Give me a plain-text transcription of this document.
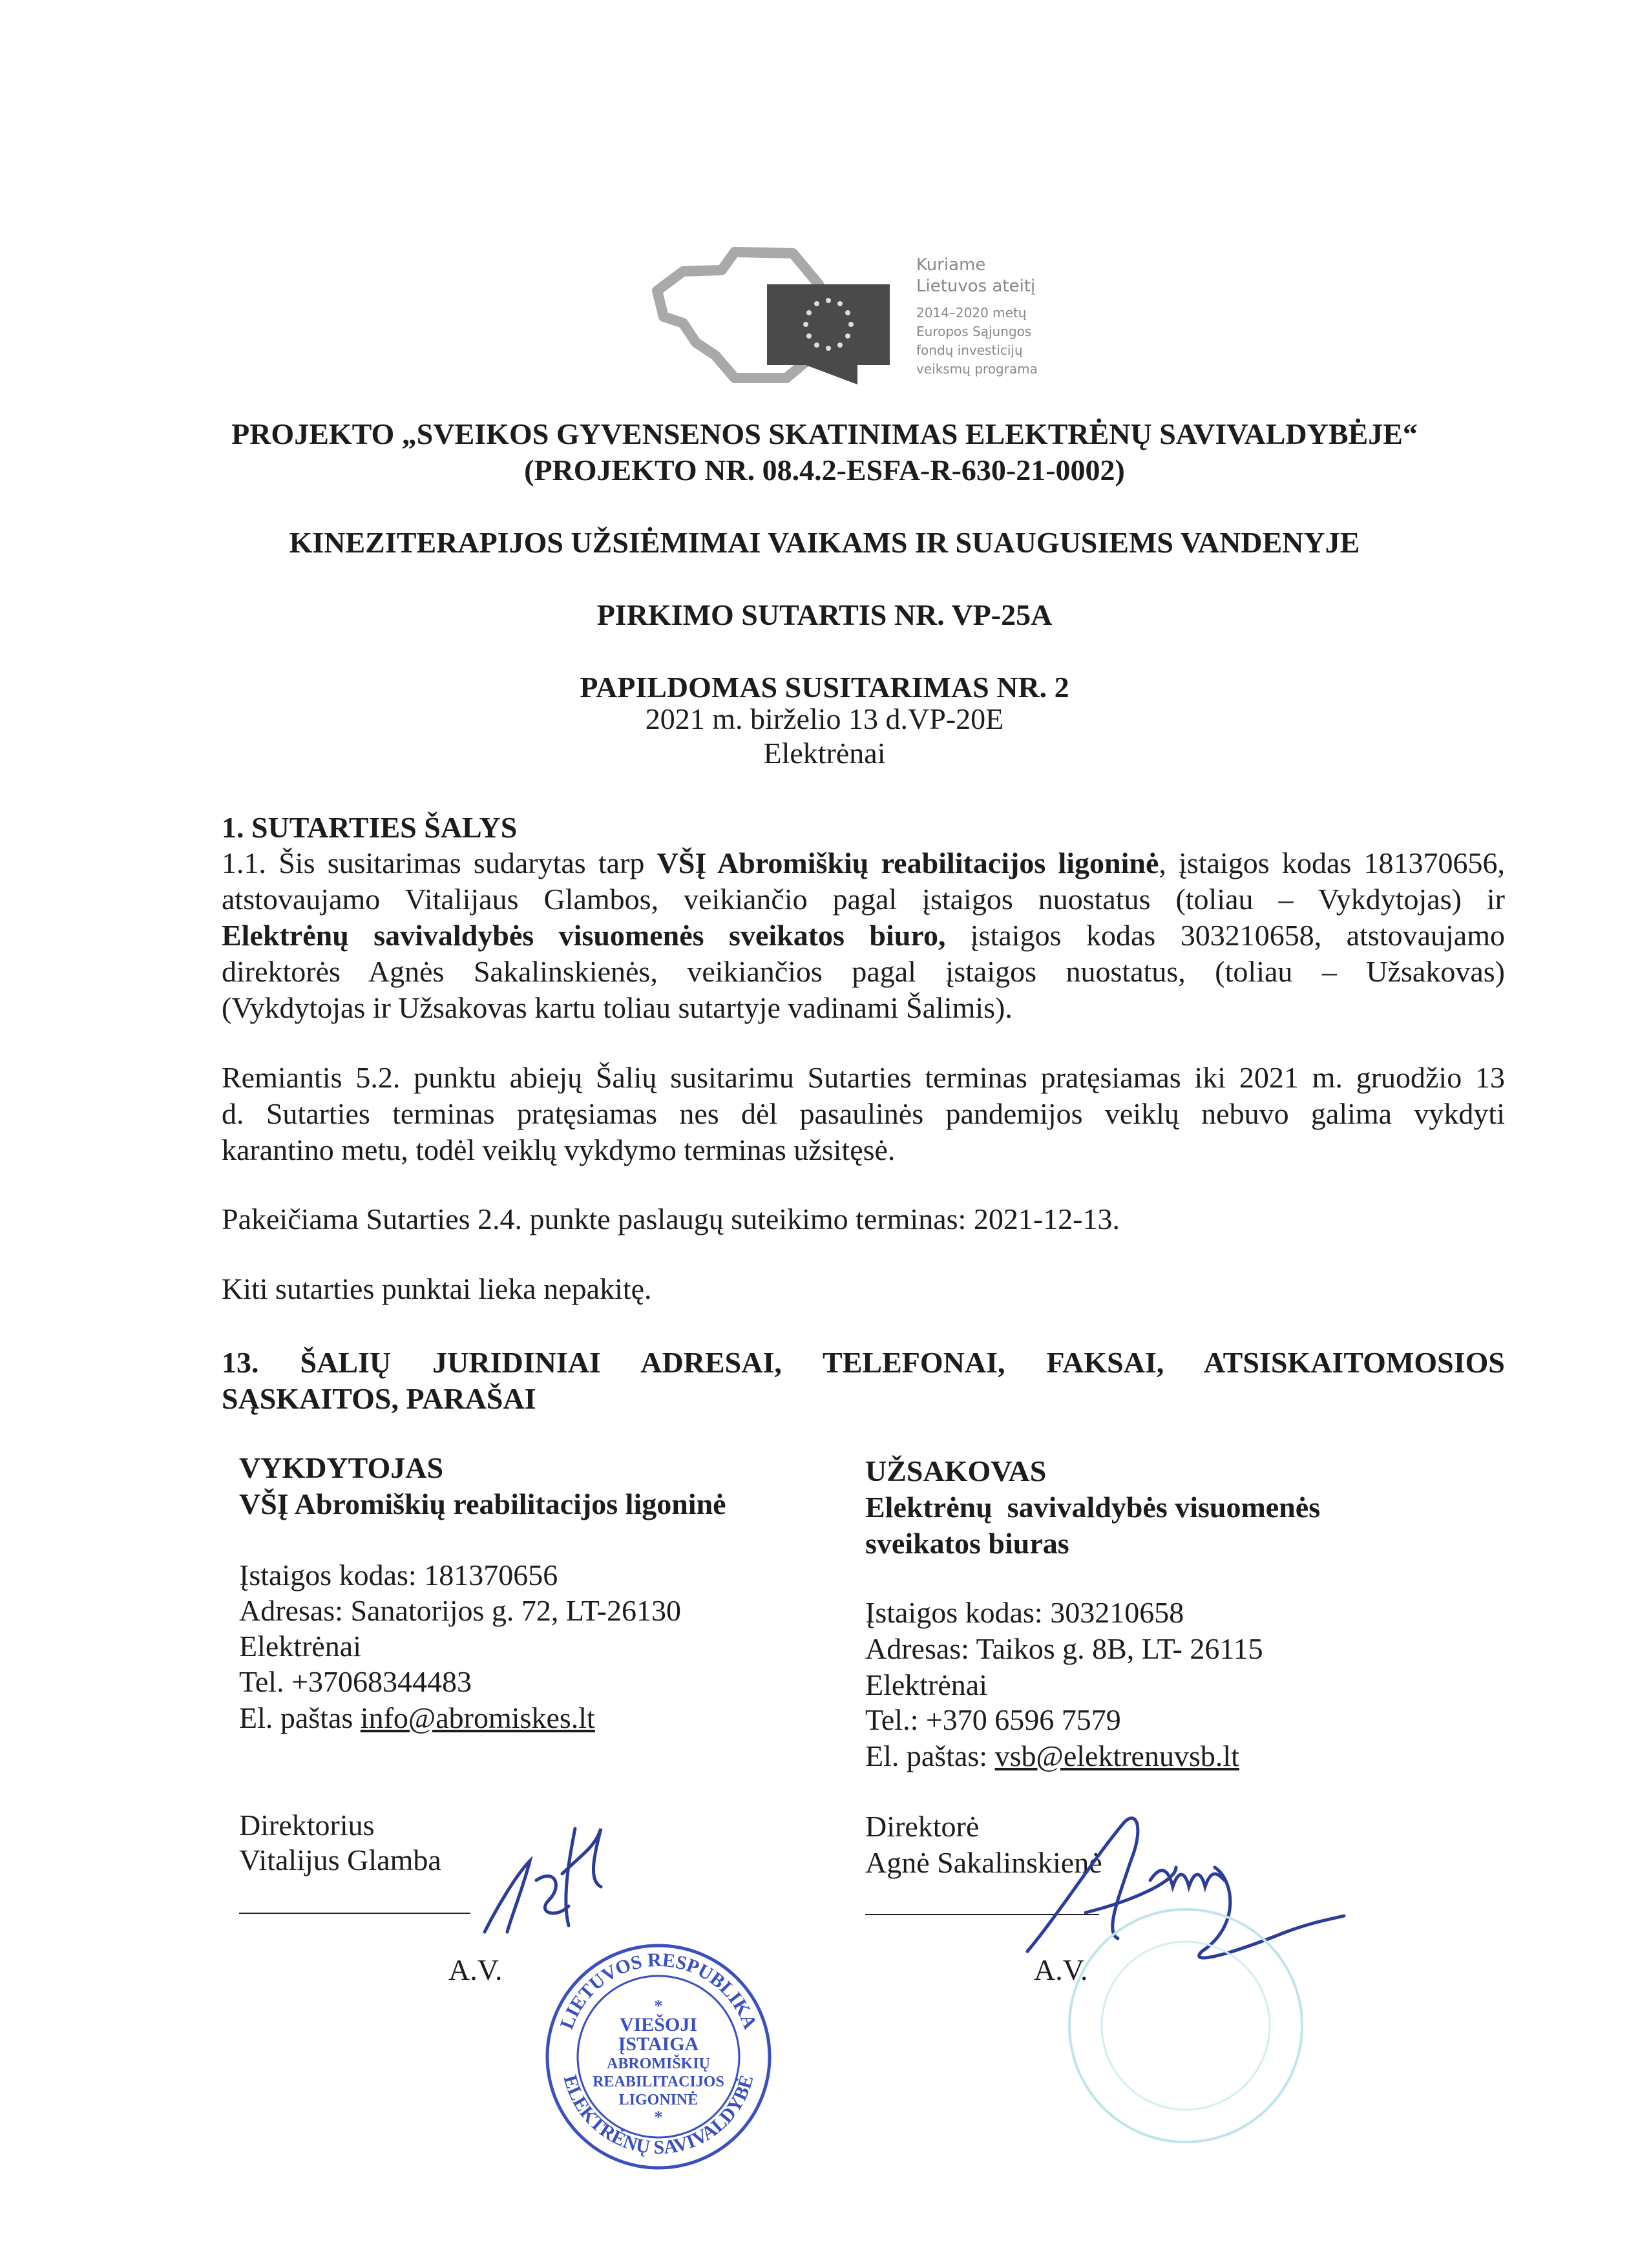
Kuriame
Lietuvos ateitį
2014–2020 metų
Europos Sąjungos
fondų investicijų
veiksmų programa
PROJEKTO „SVEIKOS GYVENSENOS SKATINIMAS ELEKTRĖNŲ SAVIVALDYBĖJE“
(PROJEKTO NR. 08.4.2-ESFA-R-630-21-0002)
KINEZITERAPIJOS UŽSIĖMIMAI VAIKAMS IR SUAUGUSIEMS VANDENYJE
PIRKIMO SUTARTIS NR. VP-25A
PAPILDOMAS SUSITARIMAS NR. 2
2021 m. birželio 13 d.VP-20E
Elektrėnai
1. SUTARTIES ŠALYS
1.1. Šis susitarimas sudarytas tarp VŠĮ Abromiškių reabilitacijos ligoninė, įstaigos kodas 181370656,
atstovaujamo Vitalijaus Glambos, veikiančio pagal įstaigos nuostatus (toliau – Vykdytojas) ir
Elektrėnų savivaldybės visuomenės sveikatos biuro, įstaigos kodas 303210658, atstovaujamo
direktorės Agnės Sakalinskienės, veikiančios pagal įstaigos nuostatus, (toliau – Užsakovas)
(Vykdytojas ir Užsakovas kartu toliau sutartyje vadinami Šalimis).
Remiantis 5.2. punktu abiejų Šalių susitarimu Sutarties terminas pratęsiamas iki 2021 m. gruodžio 13
d. Sutarties terminas pratęsiamas nes dėl pasaulinės pandemijos veiklų nebuvo galima vykdyti
karantino metu, todėl veiklų vykdymo terminas užsitęsė.
Pakeičiama Sutarties 2.4. punkte paslaugų suteikimo terminas: 2021-12-13.
Kiti sutarties punktai lieka nepakitę.
13. ŠALIŲ JURIDINIAI ADRESAI, TELEFONAI, FAKSAI, ATSISKAITOMOSIOS
SĄSKAITOS, PARAŠAI
VYKDYTOJAS
VŠĮ Abromiškių reabilitacijos ligoninė
Įstaigos kodas: 181370656
Adresas: Sanatorijos g. 72, LT-26130
Elektrėnai
Tel. +37068344483
El. paštas info@abromiskes.lt
Direktorius
Vitalijus Glamba
A.V.
UŽSAKOVAS
Elektrėnų  savivaldybės visuomenės
sveikatos biuras
Įstaigos kodas: 303210658
Adresas: Taikos g. 8B, LT- 26115
Elektrėnai
Tel.: +370 6596 7579
El. paštas: vsb@elektrenuvsb.lt
Direktorė
Agnė Sakalinskienė
A.V.
LIETUVOS RESPUBLIKA
ELEKTRĖNŲ SAVIVALDYBĖ
*
VIEŠOJI
ĮSTAIGA
ABROMIŠKIŲ
REABILITACIJOS
LIGONINĖ
*
